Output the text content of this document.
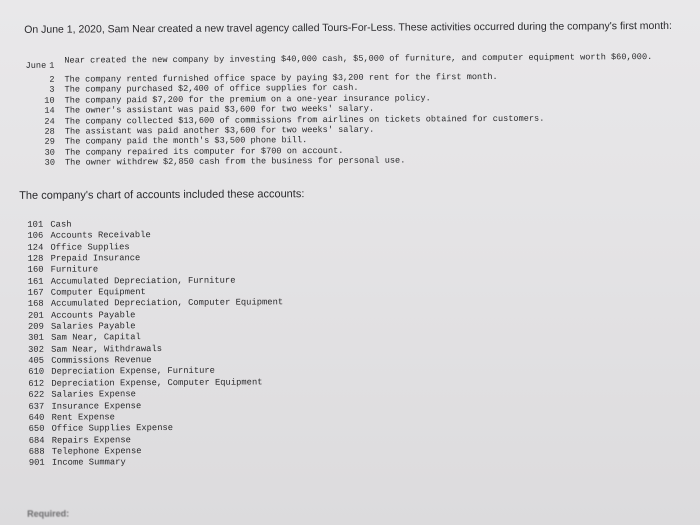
On June 1, 2020, Sam Near created a new travel agency called Tours-For-Less. These activities occurred during the company's first month:
June 1
Near created the new company by investing $40,000 cash, $5,000 of furniture, and computer equipment worth $60,000.
2 The company rented furnished office space by paying $3,200 rent for the first month.
3 The company purchased $2,400 of office supplies for cash.
10 The company paid $7,200 for the premium on a one-year insurance policy.
14 The owner's assistant was paid $3,600 for two weeks' salary.
24 The company collected $13,600 of commissions from airlines on tickets obtained for customers.
28 The assistant was paid another $3,600 for two weeks' salary.
29 The company paid the month's $3,500 phone bill.
30 The company repaired its computer for $700 on account.
30 The owner withdrew $2,850 cash from the business for personal use.
The company's chart of accounts included these accounts:
101 Cash
106 Accounts Receivable
124 Office Supplies
128 Prepaid Insurance
160 Furniture
161 Accumulated Depreciation, Furniture
167 Computer Equipment
168 Accumulated Depreciation, Computer Equipment
201 Accounts Payable
209 Salaries Payable
301 Sam Near, Capital
302 Sam Near, Withdrawals
405 Commissions Revenue
610 Depreciation Expense, Furniture
612 Depreciation Expense, Computer Equipment
622 Salaries Expense
637 Insurance Expense
640 Rent Expense
650 Office Supplies Expense
684 Repairs Expense
688 Telephone Expense
901 Income Summary
Required:
